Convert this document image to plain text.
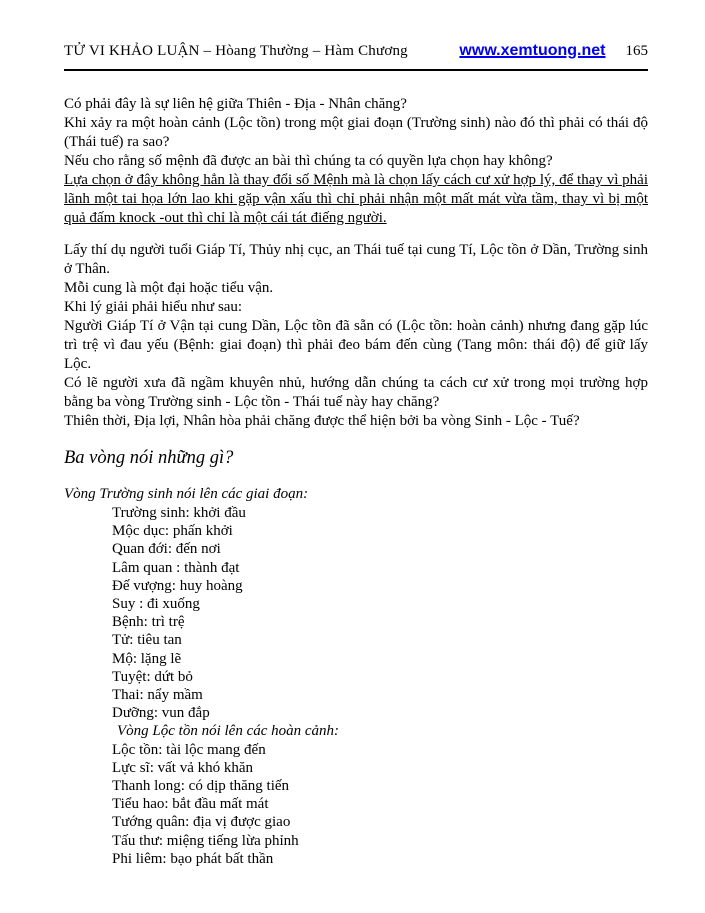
TỬ VI KHẢO LUẬN – Hòang Thường – Hàm Chương	www.xemtuong.net 165

Có phải đây là sự liên hệ giữa Thiên - Địa - Nhân chăng?

Khi xảy ra một hoàn cảnh (Lộc tồn) trong một giai đoạn (Trường sinh) nào đó thì phải có thái độ (Thái tuế) ra sao?

Nếu cho rằng số mệnh đã được an bài thì chúng ta có quyền lựa chọn hay không?

Lựa chọn ở đây không hẳn là thay đổi số Mệnh mà là chọn lấy cách cư xử hợp lý, để thay vì phải lãnh một tai họa lớn lao khi gặp vận xấu thì chỉ phải nhận một mất mát vừa tầm, thay vì bị một quả đấm knock -out thì chỉ là một cái tát điếng người.

Lấy thí dụ người tuổi Giáp Tí, Thủy nhị cục, an Thái tuế tại cung Tí, Lộc tồn ở Dần, Trường sinh ở Thân.

Mỗi cung là một đại hoặc tiểu vận.

Khi lý giải phải hiểu như sau:

Người Giáp Tí ở Vận tại cung Dần, Lộc tồn đã sẵn có (Lộc tồn: hoàn cảnh) nhưng đang gặp lúc trì trệ vì đau yếu (Bệnh: giai đoạn) thì phải đeo bám đến cùng (Tang môn: thái độ) để giữ lấy Lộc.

Có lẽ người xưa đã ngầm khuyên nhủ, hướng dẫn chúng ta cách cư xử trong mọi trường hợp bằng ba vòng Trường sinh - Lộc tồn - Thái tuế này hay chăng?

Thiên thời, Địa lợi, Nhân hòa phải chăng được thể hiện bởi ba vòng Sinh - Lộc - Tuế?

Ba vòng nói những gì?

Vòng Trường sinh nói lên các giai đoạn:

Trường sinh: khởi đầu
Mộc dục: phấn khởi
Quan đới: đến nơi
Lâm quan : thành đạt
Đế vượng: huy hoàng
Suy : đi xuống
Bệnh: trì trệ
Tử: tiêu tan
Mộ: lặng lẽ
Tuyệt: dứt bỏ
Thai: nẩy mầm
Dưỡng: vun đắp
Vòng Lộc tồn nói lên các hoàn cảnh:
Lộc tồn: tài lộc mang đến
Lực sĩ: vất vả khó khăn
Thanh long: có dịp thăng tiến
Tiểu hao: bắt đầu mất mát
Tướng quân: địa vị được giao
Tấu thư: miệng tiếng lừa phỉnh
Phi liêm: bạo phát bất thần
